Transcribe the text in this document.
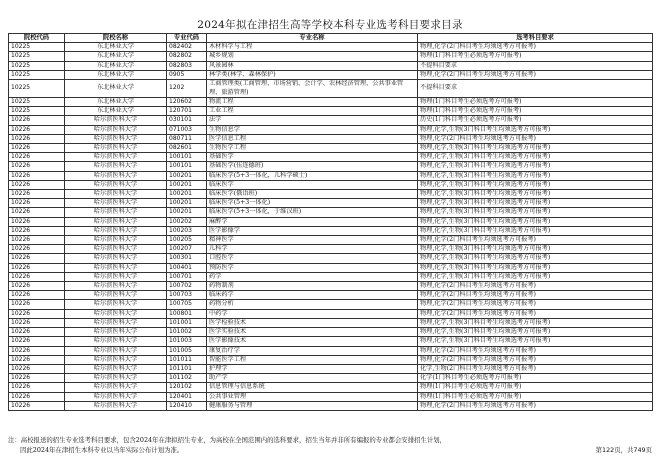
2024年拟在津招生高等学校本科专业选考科目要求目录
院校代码	院校名称	专业代码	专业名称	选考科目要求
10225	东北林业大学	082402	木材科学与工程	物理,化学(2门科目考生均须选考方可报考)
10225	东北林业大学	082802	城乡规划	物理(1门科目考生必须选考方可报考)
10225	东北林业大学	082803	风景园林	不提科目要求
10225	东北林业大学	0905	林学类(林学、森林保护)	物理,化学(2门科目考生均须选考方可报考)
10225	东北林业大学	1202	工商管理类(工商管理、市场营销、会计学、农林经济管理、公共事业管理、旅游管理)	不提科目要求
10225	东北林业大学	120602	物流工程	物理(1门科目考生必须选考方可报考)
10225	东北林业大学	120701	工业工程	物理(1门科目考生必须选考方可报考)
10226	哈尔滨医科大学	030101	法学	历史(1门科目考生必须选考方可报考)
10226	哈尔滨医科大学	071003	生物信息学	物理,化学,生物(3门科目考生均须选考方可报考)
10226	哈尔滨医科大学	080711	医学信息工程	物理,化学(2门科目考生均须选考方可报考)
10226	哈尔滨医科大学	082601	生物医学工程	物理,化学,生物(3门科目考生均须选考方可报考)
10226	哈尔滨医科大学	100101	基础医学	物理,化学,生物(3门科目考生均须选考方可报考)
10226	哈尔滨医科大学	100101	基础医学(伍连德班)	物理,化学,生物(3门科目考生均须选考方可报考)
10226	哈尔滨医科大学	100201	临床医学(5+3一体化，儿科学硕士)	物理,化学,生物(3门科目考生均须选考方可报考)
10226	哈尔滨医科大学	100201	临床医学	物理,化学,生物(3门科目考生均须选考方可报考)
10226	哈尔滨医科大学	100201	临床医学(俄语班)	物理,化学,生物(3门科目考生均须选考方可报考)
10226	哈尔滨医科大学	100201	临床医学(5+3一体化)	物理,化学,生物(3门科目考生均须选考方可报考)
10226	哈尔滨医科大学	100201	临床医学(5+3一体化，于维汉班)	物理,化学,生物(3门科目考生均须选考方可报考)
10226	哈尔滨医科大学	100202	麻醉学	物理,化学,生物(3门科目考生均须选考方可报考)
10226	哈尔滨医科大学	100203	医学影像学	物理,化学,生物(3门科目考生均须选考方可报考)
10226	哈尔滨医科大学	100205	精神医学	物理,化学(2门科目考生均须选考方可报考)
10226	哈尔滨医科大学	100207	儿科学	物理,化学,生物(3门科目考生均须选考方可报考)
10226	哈尔滨医科大学	100301	口腔医学	物理,化学,生物(3门科目考生均须选考方可报考)
10226	哈尔滨医科大学	100401	预防医学	物理,化学,生物(3门科目考生均须选考方可报考)
10226	哈尔滨医科大学	100701	药学	物理,化学,生物(3门科目考生均须选考方可报考)
10226	哈尔滨医科大学	100702	药物制剂	物理,化学(2门科目考生均须选考方可报考)
10226	哈尔滨医科大学	100703	临床药学	物理,化学(2门科目考生均须选考方可报考)
10226	哈尔滨医科大学	100705	药物分析	物理,化学(2门科目考生均须选考方可报考)
10226	哈尔滨医科大学	100801	中药学	物理,化学(2门科目考生均须选考方可报考)
10226	哈尔滨医科大学	101001	医学检验技术	物理,化学,生物(3门科目考生均须选考方可报考)
10226	哈尔滨医科大学	101002	医学实验技术	物理,化学,生物(3门科目考生均须选考方可报考)
10226	哈尔滨医科大学	101003	医学影像技术	物理,化学,生物(3门科目考生均须选考方可报考)
10226	哈尔滨医科大学	101005	康复治疗学	物理,化学(2门科目考生均须选考方可报考)
10226	哈尔滨医科大学	101011	智能医学工程	物理,化学(2门科目考生均须选考方可报考)
10226	哈尔滨医科大学	101101	护理学	化学,生物(2门科目考生均须选考方可报考)
10226	哈尔滨医科大学	101102	助产学	化学(1门科目考生必须选考方可报考)
10226	哈尔滨医科大学	120102	信息管理与信息系统	物理(1门科目考生必须选考方可报考)
10226	哈尔滨医科大学	120401	公共事业管理	物理(1门科目考生必须选考方可报考)
10226	哈尔滨医科大学	120410	健康服务与管理	物理,化学(2门科目考生均须选考方可报考)
注：高校报送的招生专业选考科目要求，包含2024年在津拟招生专业，为高校在全国范围内的选科要求，招生当年并非所有编报的专业都会安排招生计划，
因此2024年在津招生本科专业以当年实际公布计划为准。	第122页，共749页
